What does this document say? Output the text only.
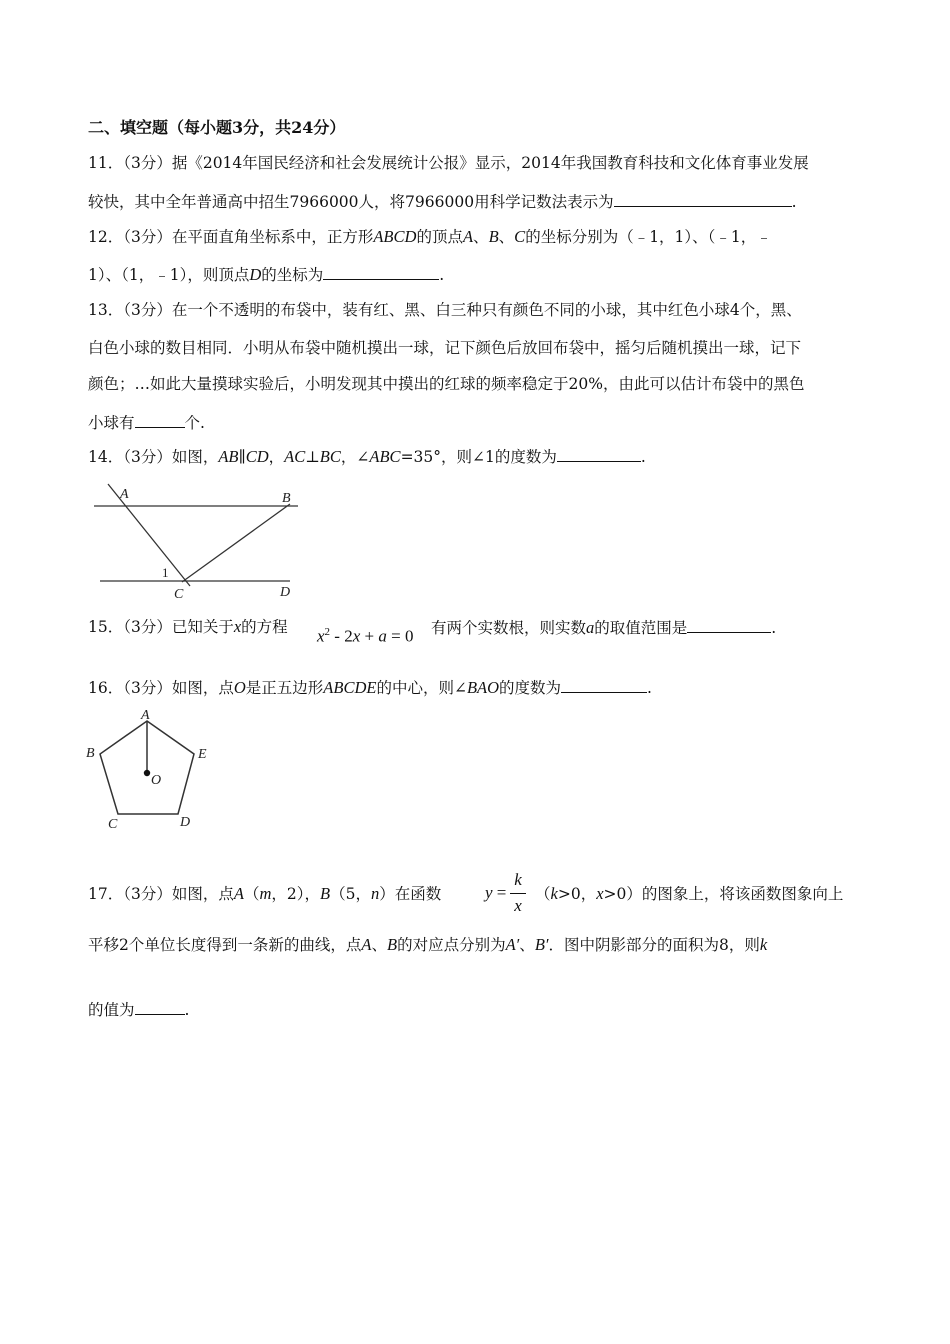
二、填空题（每小题3分，共24分）
11．（3分）据《2014年国民经济和社会发展统计公报》显示，2014年我国教育科技和文化体育事业发展
较快，其中全年普通高中招生7966000人，将7966000用科学记数法表示为	.
12．（3分）在平面直角坐标系中，正方形ABCD的顶点A、B、C的坐标分别为（﹣1，1）、（﹣1，﹣
1）、（1，﹣1），则顶点D的坐标为	.
13．（3分）在一个不透明的布袋中，装有红、黑、白三种只有颜色不同的小球，其中红色小球4个，黑、
白色小球的数目相同．小明从布袋中随机摸出一球，记下颜色后放回布袋中，摇匀后随机摸出一球，记下
颜色；…如此大量摸球实验后，小明发现其中摸出的红球的频率稳定于20%，由此可以估计布袋中的黑色
小球有	个.
14．（3分）如图，AB∥CD，AC⊥BC，∠ABC=35°，则∠1的度数为	.
A	B
C	D
1
15．（3分）已知关于x的方程 $x^2 - 2x + a = 0$ 有两个实数根，则实数a的取值范围是	.
16．（3分）如图，点O是正五边形ABCDE的中心，则∠BAO的度数为	.
A
B	E
C	D
O
17．（3分）如图，点A（m，2），B（5，n）在函数	y =
k
x
（k>0，x>0）的图象上，将该函数图象向上
平移2个单位长度得到一条新的曲线，点A、B的对应点分别为A′、B′．图中阴影部分的面积为8，则k
的值为	.
